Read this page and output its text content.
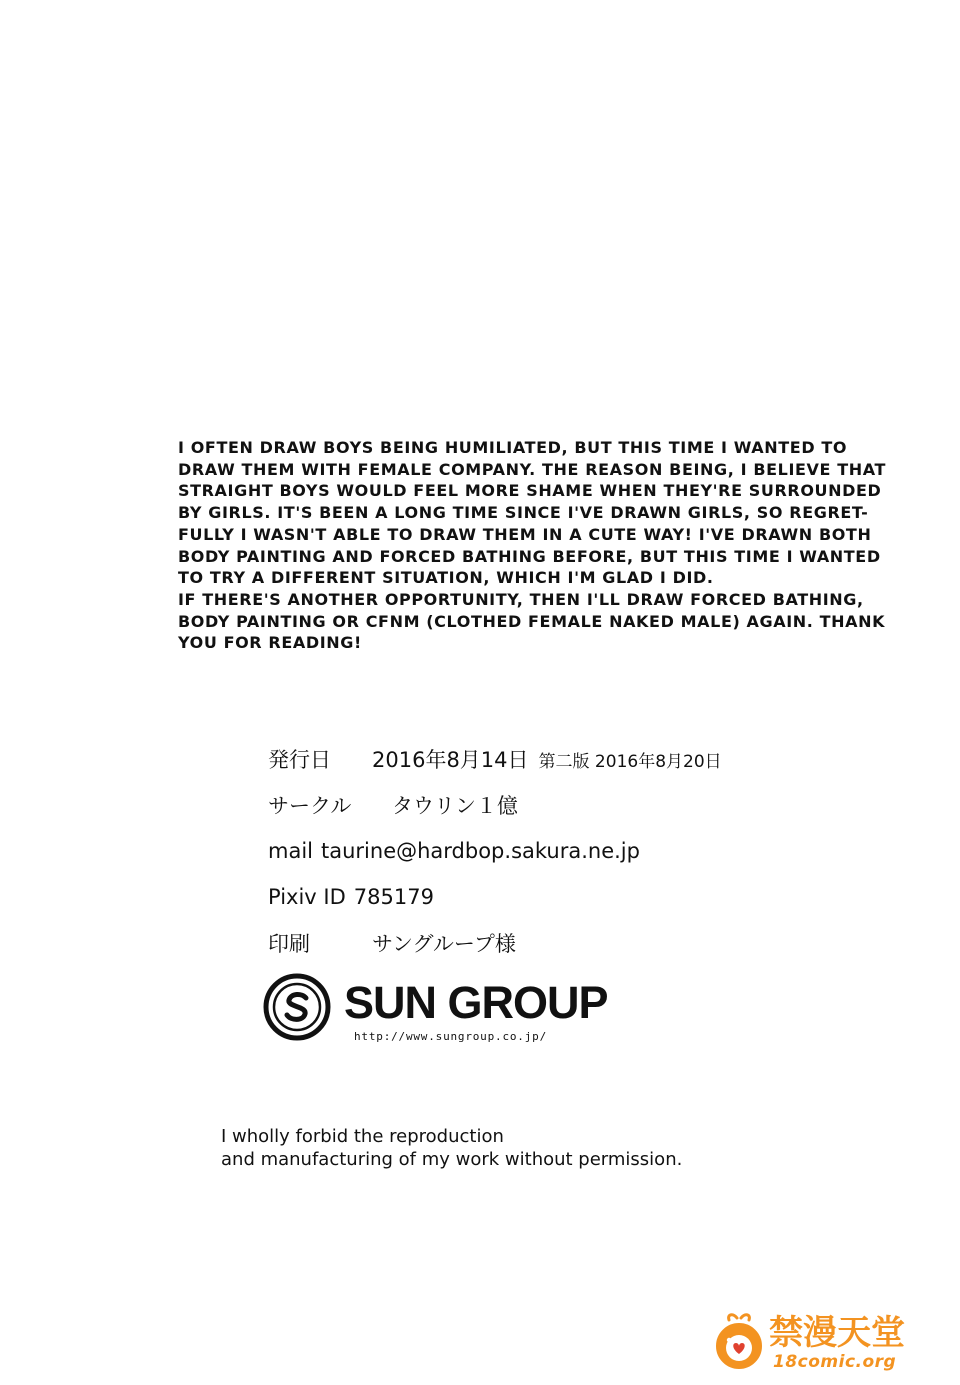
I OFTEN DRAW BOYS BEING HUMILIATED, BUT THIS TIME I WANTED TO
DRAW THEM WITH FEMALE COMPANY. THE REASON BEING, I BELIEVE THAT
STRAIGHT BOYS WOULD FEEL MORE SHAME WHEN THEY'RE SURROUNDED
BY GIRLS. IT'S BEEN A LONG TIME SINCE I'VE DRAWN GIRLS, SO REGRET-
FULLY I WASN'T ABLE TO DRAW THEM IN A CUTE WAY! I'VE DRAWN BOTH
BODY PAINTING AND FORCED BATHING BEFORE, BUT THIS TIME I WANTED
TO TRY A DIFFERENT SITUATION, WHICH I'M GLAD I DID.
IF THERE'S ANOTHER OPPORTUNITY, THEN I'LL DRAW FORCED BATHING,
BODY PAINTING OR CFNM (CLOTHED FEMALE NAKED MALE) AGAIN. THANK
YOU FOR READING!
発行日	2016年8月14日 第二版 2016年8月20日
サークル	タウリン１億
mail taurine@hardbop.sakura.ne.jp
Pixiv ID 785179
印刷	サングループ様
SUN GROUP
http://www.sungroup.co.jp/
I wholly forbid the reproduction
and manufacturing of my work without permission.
禁漫天堂
18comic.org
